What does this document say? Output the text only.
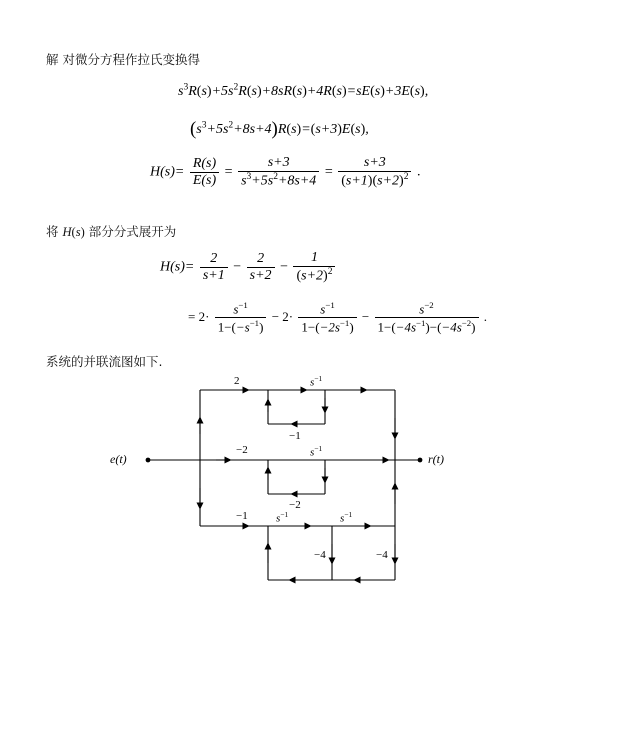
解 对微分方程作拉氏变换得
$s^3R(s)+5s^2R(s)+8sR(s)+4R(s)=sE(s)+3E(s)$,
$(s^3+5s^2+8s+4)R(s)=(s+3)E(s)$,
$H(s)= \frac{R(s)}{E(s)} = \frac{s+3}{s^3+5s^2+8s+4} = \frac{s+3}{(s+1)(s+2)^2}$ .
将 H(s) 部分分式展开为
$H(s)= \frac{2}{s+1} - \frac{2}{s+2} - \frac{1}{(s+2)^2}$
= $2\cdot \frac{s^{-1}}{1-(-s^{-1})} - 2\cdot \frac{s^{-1}}{1-(-2s^{-1})} - \frac{s^{-2}}{1-(-4s^{-1})-(-4s^{-2})}$ .
系统的并联流图如下.
e(t)	r(t)
2	$s^{-1}$
−1
−2	$s^{-1}$
−2
−1	$s^{-1}$	$s^{-1}$
−4	−4
